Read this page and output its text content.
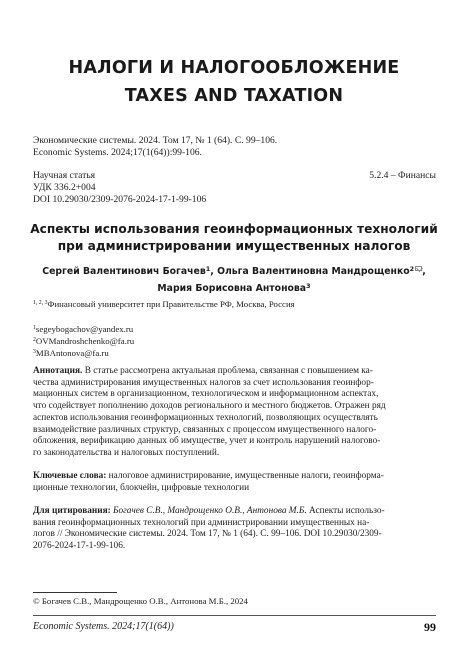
НАЛОГИ И НАЛОГООБЛОЖЕНИЕ
TAXES AND TAXATION
Экономические системы. 2024. Том 17, № 1 (64). С. 99–106.
Economic Systems. 2024;17(1(64)):99-106.
Научная статья	5.2.4 – Финансы
УДК 336.2+004
DOI 10.29030/2309-2076-2024-17-1-99-106
Аспекты использования геоинформационных технологий
при администрировании имущественных налогов
Сергей Валентинович Богачев$^1$, Ольга Валентиновна Мандрощенко$^2$ ,
Мария Борисовна Антонова$^3$
$^{1, 2, 3}$Финансовый университет при Правительстве РФ, Москва, Россия
$^1$segeybogachov@yandex.ru
$^2$OVMandroshchenko@fa.ru
$^3$MBAntonova@fa.ru
Аннотация. В статье рассмотрена актуальная проблема, связанная с повышением ка-
чества администрирования имущественных налогов за счет использования геоинфор-
мационных систем в организационном, технологическом и информационном аспектах,
что содействует пополнению доходов регионального и местного бюджетов. Отражен ряд
аспектов использования геоинформационных технологий, позволяющих осуществлять
взаимодействие различных структур, связанных с процессом имущественного налого-
обложения, верификацию данных об имуществе, учет и контроль нарушений налогово-
го законодательства и налоговых поступлений.
Ключевые слова: налоговое администрирование, имущественные налоги, геоинформа-
ционные технологии, блокчейн, цифровые технологии
Для цитирования: Богачев С.В., Мандрощенко О.В., Антонова М.Б. Аспекты использо-
вания геоинформационных технологий при администрировании имущественных на-
логов // Экономические системы. 2024. Том 17, № 1 (64). С. 99–106. DOI 10.29030/2309-
2076-2024-17-1-99-106.
© Богачев С.В., Мандрощенко О.В., Антонова М.Б., 2024
Economic Systems. 2024;17(1(64))	99
